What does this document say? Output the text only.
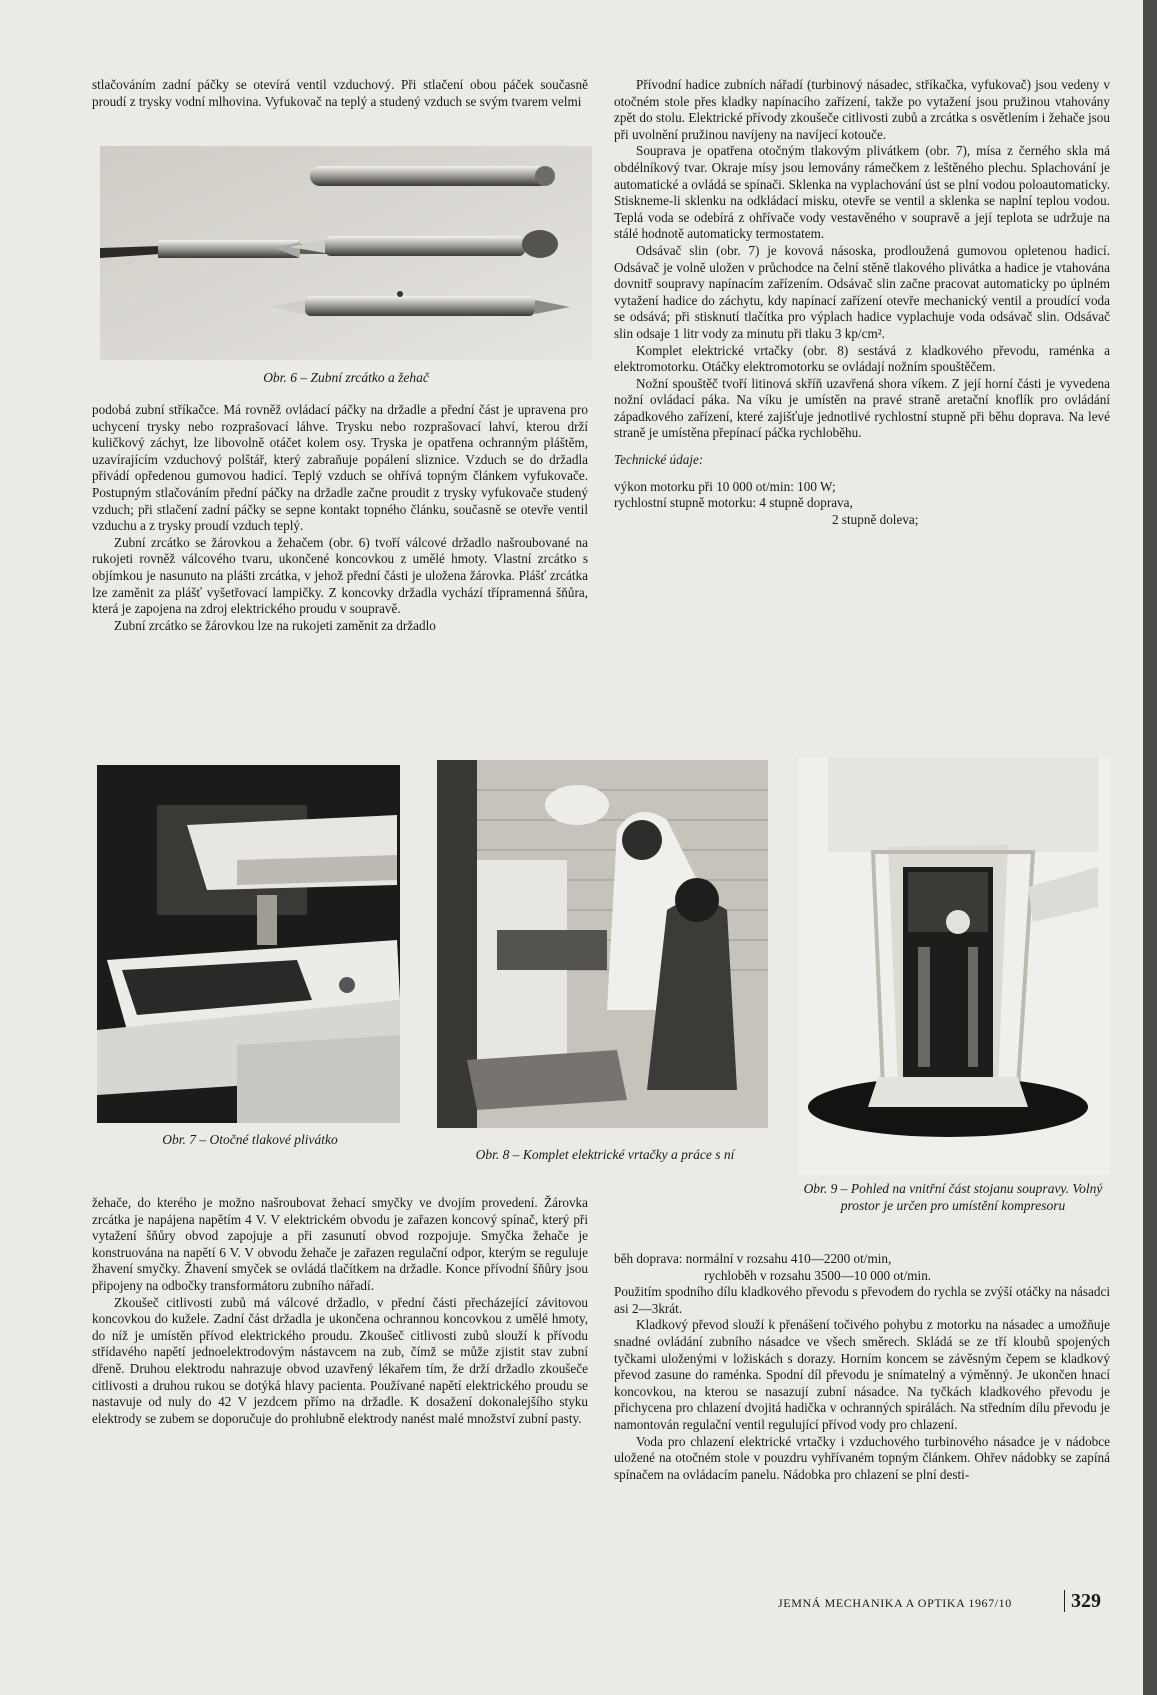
stlačováním zadní páčky se otevírá ventil vzduchový. Při stlačení obou páček současně proudí z trysky vodní mlhovina. Vyfukovač na teplý a studený vzduch se svým tvarem velmi

Obr. 6 – Zubní zrcátko a žehač

podobá zubní stříkačce. Má rovněž ovládací páčky na držadle a přední část je upravena pro uchycení trysky nebo rozprašovací láhve. Trysku nebo rozprašovací lahví, kterou drží kuličkový záchyt, lze libovolně otáčet kolem osy. Tryska je opatřena ochranným pláštěm, uzavírajícím vzduchový polštář, který zabraňuje popálení sliznice. Vzduch se do držadla přivádí opředenou gumovou hadicí. Teplý vzduch se ohřívá topným článkem vyfukovače. Postupným stlačováním přední páčky na držadle začne proudit z trysky vyfukovače studený vzduch; při stlačení zadní páčky se sepne kontakt topného článku, současně se otevře ventil vzduchu a z trysky proudí vzduch teplý.

Zubní zrcátko se žárovkou a žehačem (obr. 6) tvoří válcové držadlo našroubované na rukojeti rovněž válcového tvaru, ukončené koncovkou z umělé hmoty. Vlastní zrcátko s objímkou je nasunuto na plášti zrcátka, v jehož přední části je uložena žárovka. Plášť zrcátka lze zaměnit za plášť vyšetřovací lampičky. Z koncovky držadla vychází třípramenná šňůra, která je zapojena na zdroj elektrického proudu v soupravě.

Zubní zrcátko se žárovkou lze na rukojeti zaměnit za držadlo

Přívodní hadice zubních nářadí (turbinový násadec, stříkačka, vyfukovač) jsou vedeny v otočném stole přes kladky napínacího zařízení, takže po vytažení jsou pružinou vtahovány zpět do stolu. Elektrické přívody zkoušeče citlivosti zubů a zrcátka s osvětlením i žehače jsou při uvolnění pružinou navíjeny na navíjecí kotouče.

Souprava je opatřena otočným tlakovým plivátkem (obr. 7), mísa z černého skla má obdélníkový tvar. Okraje mísy jsou lemovány rámečkem z leštěného plechu. Splachování je automatické a ovládá se spínači. Sklenka na vyplachování úst se plní vodou poloautomaticky. Stiskneme-li sklenku na odkládací misku, otevře se ventil a sklenka se naplní teplou vodou. Teplá voda se odebírá z ohřívače vody vestavěného v soupravě a její teplota se udržuje na stálé hodnotě automaticky termostatem.

Odsávač slin (obr. 7) je kovová násoska, prodloužená gumovou opletenou hadicí. Odsávač je volně uložen v průchodce na čelní stěně tlakového plivátka a hadice je vtahována dovnitř soupravy napínacím zařízením. Odsávač slin začne pracovat automaticky po úplném vytažení hadice do záchytu, kdy napínací zařízení otevře mechanický ventil a proudící voda se odsává; při stisknutí tlačítka pro výplach hadice vyplachuje voda odsávač slin. Odsávač slin odsaje 1 litr vody za minutu při tlaku 3 kp/cm².

Komplet elektrické vrtačky (obr. 8) sestává z kladkového převodu, raménka a elektromotorku. Otáčky elektromotorku se ovládají nožním spouštěčem.

Nožní spouštěč tvoří litinová skříň uzavřená shora víkem. Z její horní části je vyvedena nožní ovládací páka. Na víku je umístěn na pravé straně aretační knoflík pro ovládání západkového zařízení, které zajišťuje jednotlivé rychlostní stupně při běhu doprava. Na levé straně je umístěna přepínací páčka rychloběhu.

Technické údaje:

výkon motorku při 10 000 ot/min: 100 W;

rychlostní stupně motorku: 4 stupně doprava,

2 stupně doleva;

Obr. 7 – Otočné tlakové plivátko
Obr. 8 – Komplet elektrické vrtačky a práce s ní
Obr. 9 – Pohled na vnitřní část stojanu soupravy. Volný prostor je určen pro umístění kompresoru

žehače, do kterého je možno našroubovat žehací smyčky ve dvojím provedení. Žárovka zrcátka je napájena napětím 4 V. V elektrickém obvodu je zařazen koncový spínač, který při vytažení šňůry obvod zapojuje a při zasunutí obvod rozpojuje. Smyčka žehače je konstruována na napětí 6 V. V obvodu žehače je zařazen regulační odpor, kterým se reguluje žhavení smyčky. Žhavení smyček se ovládá tlačítkem na držadle. Konce přívodní šňůry jsou připojeny na odbočky transformátoru zubního nářadí.

Zkoušeč citlivosti zubů má válcové držadlo, v přední části přecházející závitovou koncovkou do kužele. Zadní část držadla je ukončena ochrannou koncovkou z umělé hmoty, do níž je umístěn přívod elektrického proudu. Zkoušeč citlivosti zubů slouží k přívodu střídavého napětí jednoelektrodovým nástavcem na zub, čímž se může zjistit stav zubní dřeně. Druhou elektrodu nahrazuje obvod uzavřený lékařem tím, že drží držadlo zkoušeče citlivosti a druhou rukou se dotýká hlavy pacienta. Používané napětí elektrického proudu se nastavuje od nuly do 42 V jezdcem přímo na držadle. K dosažení dokonalejšího styku elektrody se zubem se doporučuje do prohlubně elektrody nanést malé množství zubní pasty.

běh doprava: normální v rozsahu 410—2200 ot/min,

rychloběh v rozsahu 3500—10 000 ot/min.

Použitím spodního dílu kladkového převodu s převodem do rychla se zvýší otáčky na násadci asi 2—3krát.

Kladkový převod slouží k přenášení točivého pohybu z motorku na násadec a umožňuje snadné ovládání zubního násadce ve všech směrech. Skládá se ze tří kloubů spojených tyčkami uloženými v ložiskách s dorazy. Horním koncem se závěsným čepem se kladkový převod zasune do raménka. Spodní díl převodu je snímatelný a výměnný. Je ukončen hnací koncovkou, na kterou se nasazují zubní násadce. Na tyčkách kladkového převodu je přichycena pro chlazení dvojitá hadička v ochranných spirálách. Na středním dílu převodu je namontován regulační ventil regulující přívod vody pro chlazení.

Voda pro chlazení elektrické vrtačky i vzduchového turbinového násadce je v nádobce uložené na otočném stole v pouzdru vyhřívaném topným článkem. Ohřev nádobky se zapíná spínačem na ovládacím panelu. Nádobka pro chlazení se plní desti-

JEMNÁ MECHANIKA A OPTIKA 1967/10	329
